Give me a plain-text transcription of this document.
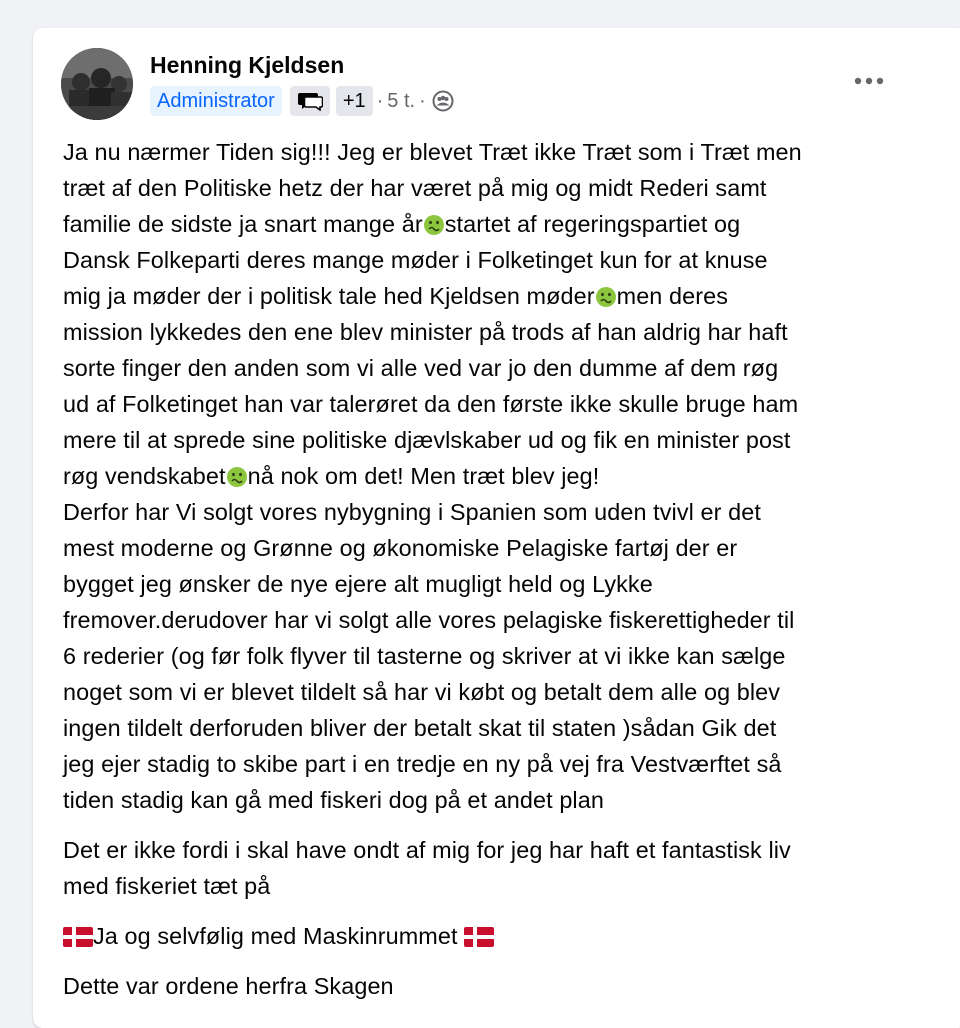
Henning Kjeldsen
Administrator	+1 · 5 t. ·

Ja nu nærmer Tiden sig!!! Jeg er blevet Træt ikke Træt som i Træt men
træt af den Politiske hetz der har været på mig og midt Rederi samt
familie de sidste ja snart mange år startet af regeringspartiet og
Dansk Folkeparti deres mange møder i Folketinget kun for at knuse
mig ja møder der i politisk tale hed Kjeldsen møder men deres
mission lykkedes den ene blev minister på trods af han aldrig har haft
sorte finger den anden som vi alle ved var jo den dumme af dem røg
ud af Folketinget han var talerøret da den første ikke skulle bruge ham
mere til at sprede sine politiske djævlskaber ud og fik en minister post
røg vendskabet nå nok om det! Men træt blev jeg!
Derfor har Vi solgt vores nybygning i Spanien som uden tvivl er det
mest moderne og Grønne og økonomiske Pelagiske fartøj der er
bygget jeg ønsker de nye ejere alt mugligt held og Lykke
fremover.derudover har vi solgt alle vores pelagiske fiskerettigheder til
6 rederier (og før folk flyver til tasterne og skriver at vi ikke kan sælge
noget som vi er blevet tildelt så har vi købt og betalt dem alle og blev
ingen tildelt derforuden bliver der betalt skat til staten )sådan Gik det
jeg ejer stadig to skibe part i en tredje en ny på vej fra Vestværftet så
tiden stadig kan gå med fiskeri dog på et andet plan

Det er ikke fordi i skal have ondt af mig for jeg har haft et fantastisk liv
med fiskeriet tæt på

Ja og selvfølig med Maskinrummet

Dette var ordene herfra Skagen
